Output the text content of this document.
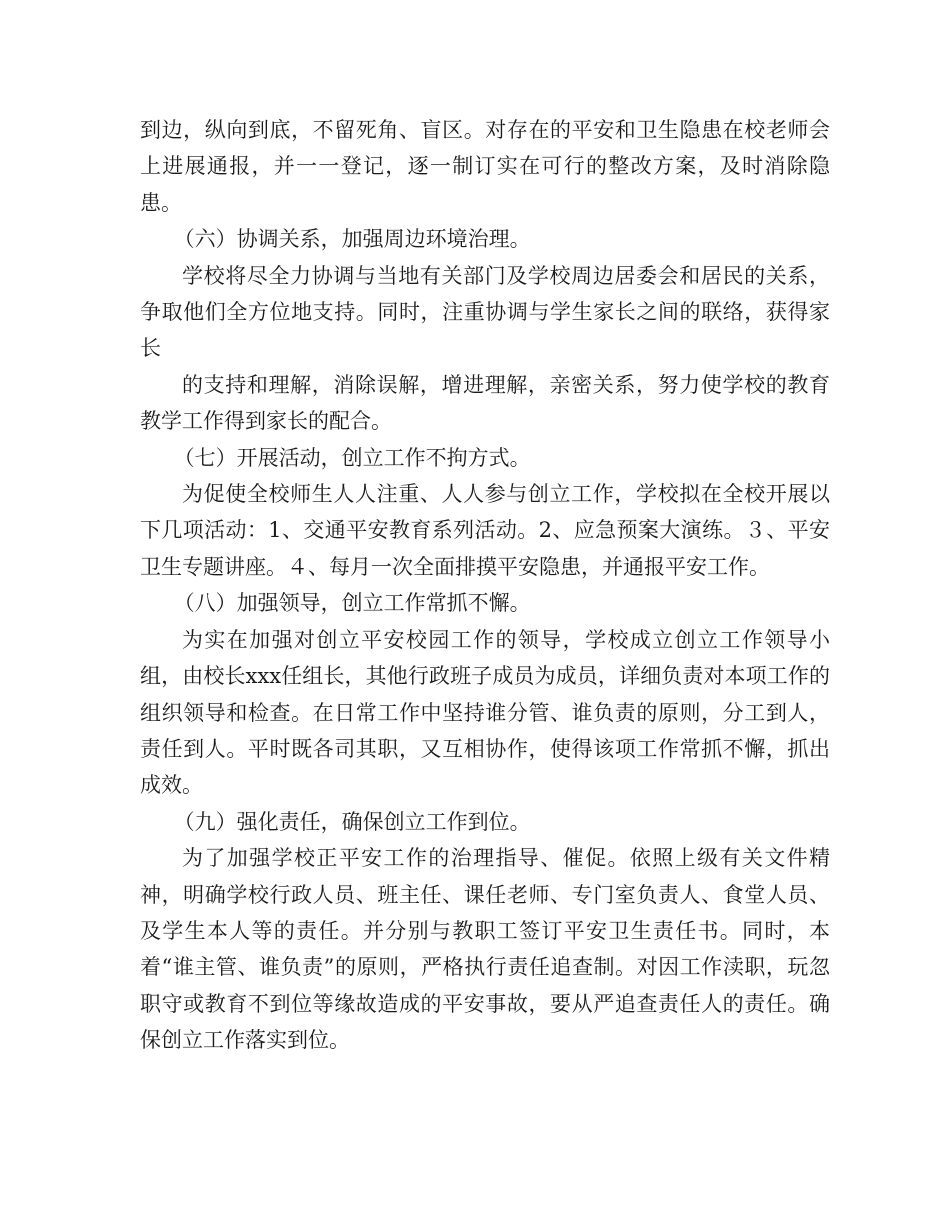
到边，纵向到底，不留死角、盲区。对存在的平安和卫生隐患在校老师会上进展通报，并一一登记，逐一制订实在可行的整改方案，及时消除隐患。

（六）协调关系，加强周边环境治理。

学校将尽全力协调与当地有关部门及学校周边居委会和居民的关系，争取他们全方位地支持。同时，注重协调与学生家长之间的联络，获得家长

的支持和理解，消除误解，增进理解，亲密关系，努力使学校的教育教学工作得到家长的配合。

（七）开展活动，创立工作不拘方式。

为促使全校师生人人注重、人人参与创立工作，学校拟在全校开展以下几项活动：1、交通平安教育系列活动。2、应急预案大演练。３、平安卫生专题讲座。４、每月一次全面排摸平安隐患，并通报平安工作。

（八）加强领导，创立工作常抓不懈。

为实在加强对创立平安校园工作的领导，学校成立创立工作领导小组，由校长xxx任组长，其他行政班子成员为成员，详细负责对本项工作的组织领导和检查。在日常工作中坚持谁分管、谁负责的原则，分工到人，责任到人。平时既各司其职，又互相协作，使得该项工作常抓不懈，抓出成效。

（九）强化责任，确保创立工作到位。

为了加强学校正平安工作的治理指导、催促。依照上级有关文件精神，明确学校行政人员、班主任、课任老师、专门室负责人、食堂人员、及学生本人等的责任。并分别与教职工签订平安卫生责任书。同时，本着“谁主管、谁负责”的原则，严格执行责任追查制。对因工作渎职，玩忽职守或教育不到位等缘故造成的平安事故，要从严追查责任人的责任。确保创立工作落实到位。
